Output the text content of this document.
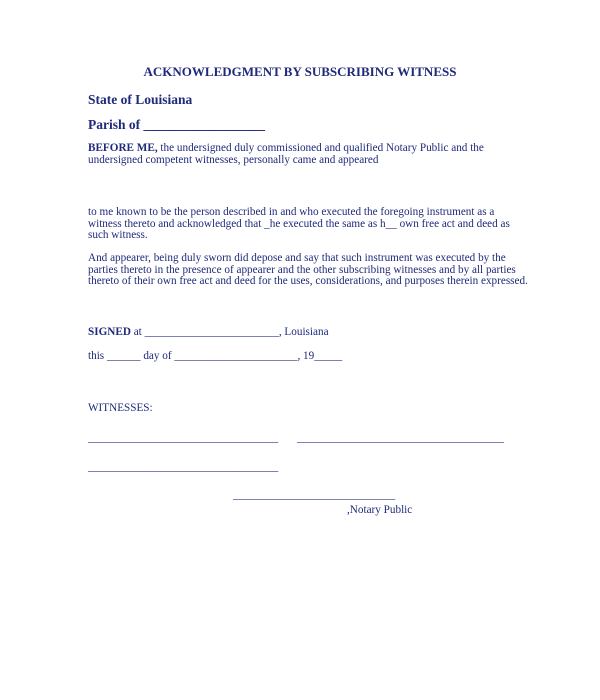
ACKNOWLEDGMENT BY SUBSCRIBING WITNESS
State of Louisiana
Parish of __________________
BEFORE ME, the undersigned duly commissioned and qualified Notary Public and the undersigned competent witnesses, personally came and appeared
to me known to be the person described in and who executed the foregoing instrument as a witness thereto and acknowledged that _he executed the same as h__ own free act and deed as such witness.
And appearer, being duly sworn did depose and say that such instrument was executed by the parties thereto in the presence of appearer and the other subscribing witnesses and by all parties thereto of their own free act and deed for the uses, considerations, and purposes therein expressed.
SIGNED at ________________________, Louisiana
this ______ day of ______________________, 19_____
WITNESSES:
__________________________________ _____________________________________
__________________________________
_____________________________
,Notary Public
